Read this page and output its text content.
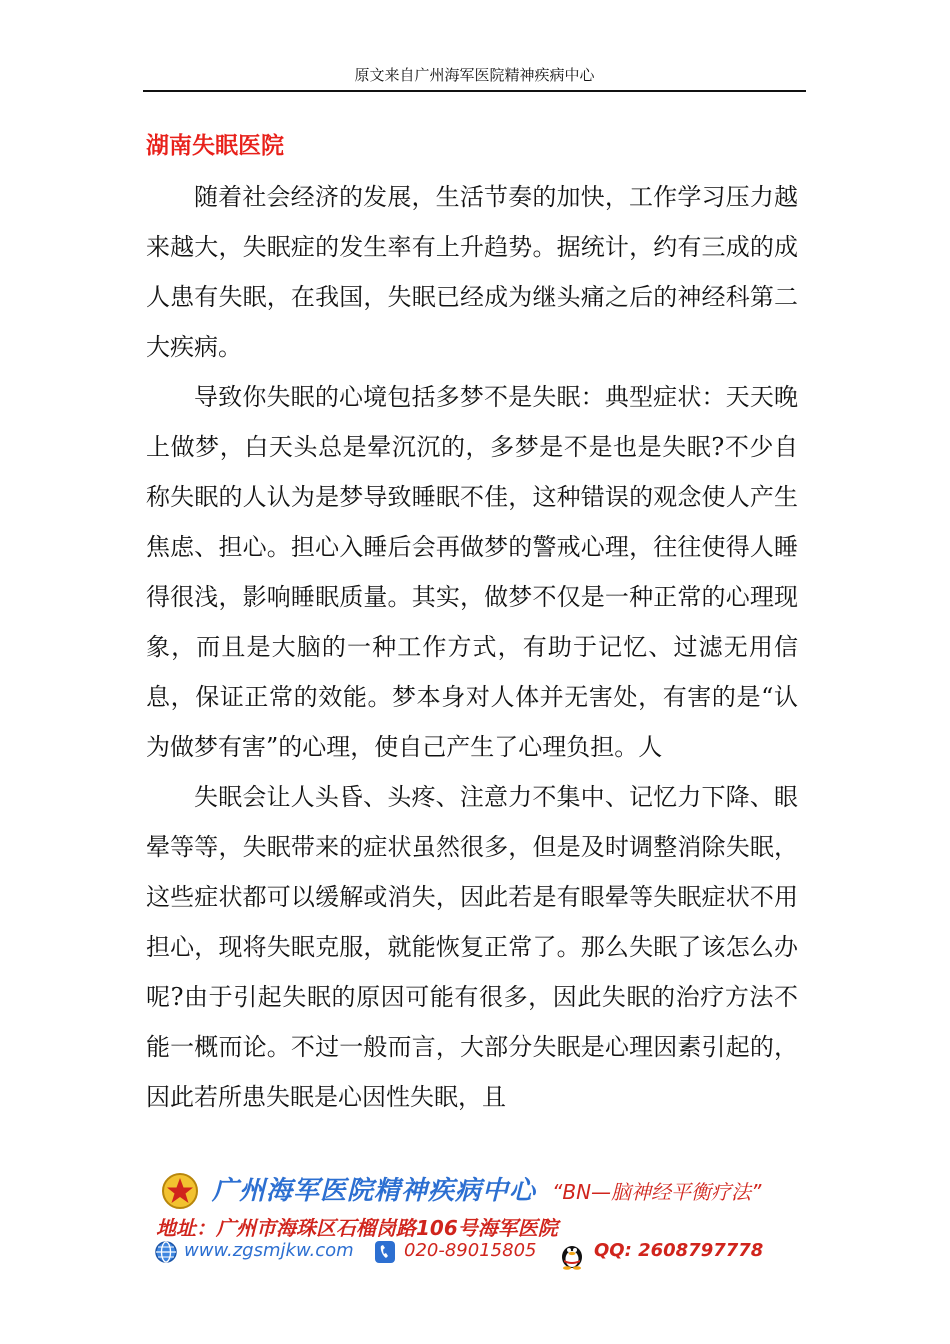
原文来自广州海军医院精神疾病中心
湖南失眠医院

随着社会经济的发展，生活节奏的加快，工作学习压力越来越大，失眠症的发生率有上升趋势。据统计，约有三成的成人患有失眠，在我国，失眠已经成为继头痛之后的神经科第二大疾病。

导致你失眠的心境包括多梦不是失眠：典型症状：天天晚上做梦，白天头总是晕沉沉的，多梦是不是也是失眠?不少自称失眠的人认为是梦导致睡眠不佳，这种错误的观念使人产生焦虑、担心。担心入睡后会再做梦的警戒心理，往往使得人睡得很浅，影响睡眠质量。其实，做梦不仅是一种正常的心理现象，而且是大脑的一种工作方式，有助于记忆、过滤无用信息，保证正常的效能。梦本身对人体并无害处，有害的是“认为做梦有害”的心理，使自己产生了心理负担。人

失眠会让人头昏、头疼、注意力不集中、记忆力下降、眼晕等等，失眠带来的症状虽然很多，但是及时调整消除失眠，这些症状都可以缓解或消失，因此若是有眼晕等失眠症状不用担心，现将失眠克服，就能恢复正常了。那么失眠了该怎么办呢?由于引起失眠的原因可能有很多，因此失眠的治疗方法不能一概而论。不过一般而言，大部分失眠是心理因素引起的，因此若所患失眠是心因性失眠，且

广州海军医院精神疾病中心 “BN—脑神经平衡疗法”
地址：广州市海珠区石榴岗路106号海军医院
www.zgsmjkw.com	020-89015805	QQ: 2608797778
